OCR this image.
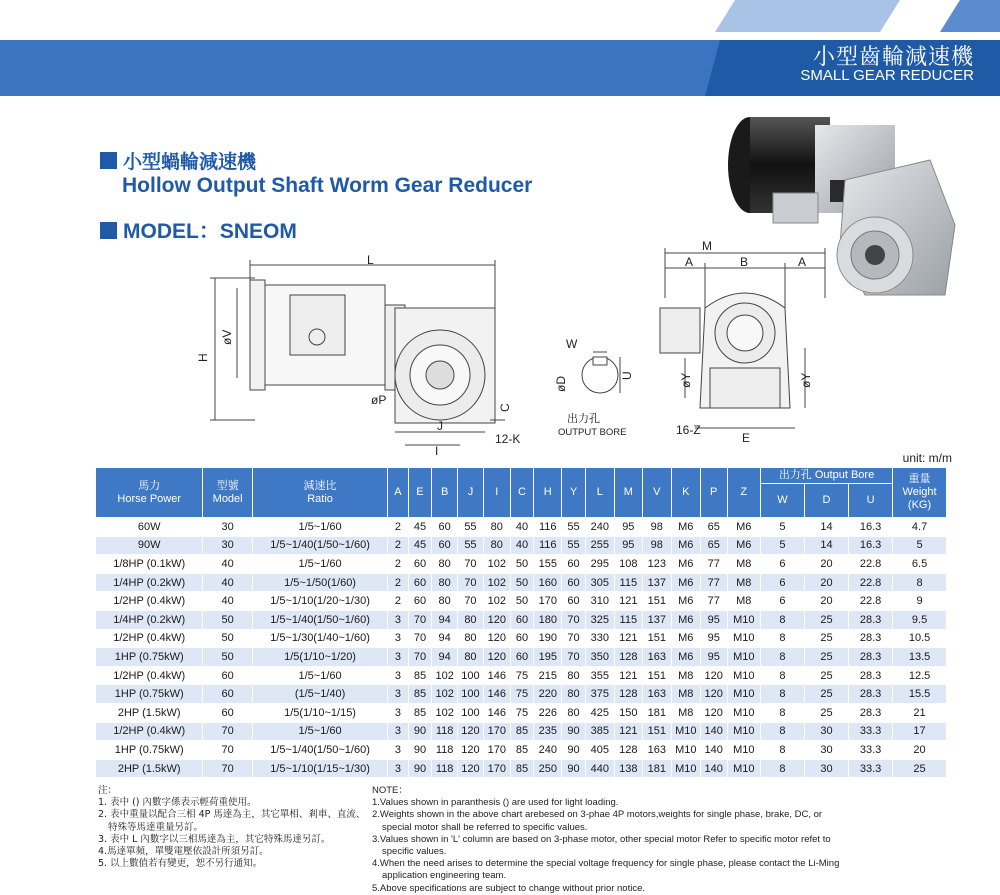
小型齒輪減速機
SMALL GEAR REDUCER
小型蝸輪減速機
Hollow Output Shaft Worm Gear Reducer
MODEL：SNEOM
L
H
øV
øP
C
J
I
12-K
W
øD
U
出力孔
OUTPUT BORE
M
A	B	A
øY	øY
16-Z
E
unit: m/m
馬力
Horse Power	型號
Model	減速比
Ratio	A	E	B	J	I	C	H	Y	L	M	V	K	P	Z	出力孔 Output Bore			重量
Weight
(KG)
																	W	D	U	
60W	30	1/5~1/60	2	45	60	55	80	40	116	55	240	95	98	M6	65	M6	5	14	16.3	4.7
90W	30	1/5~1/40(1/50~1/60)	2	45	60	55	80	40	116	55	255	95	98	M6	65	M6	5	14	16.3	5
1/8HP (0.1kW)	40	1/5~1/60	2	60	80	70	102	50	155	60	295	108	123	M6	77	M8	6	20	22.8	6.5
1/4HP (0.2kW)	40	1/5~1/50(1/60)	2	60	80	70	102	50	160	60	305	115	137	M6	77	M8	6	20	22.8	8
1/2HP (0.4kW)	40	1/5~1/10(1/20~1/30)	2	60	80	70	102	50	170	60	310	121	151	M6	77	M8	6	20	22.8	9
1/4HP (0.2kW)	50	1/5~1/40(1/50~1/60)	3	70	94	80	120	60	180	70	325	115	137	M6	95	M10	8	25	28.3	9.5
1/2HP (0.4kW)	50	1/5~1/30(1/40~1/60)	3	70	94	80	120	60	190	70	330	121	151	M6	95	M10	8	25	28.3	10.5
1HP (0.75kW)	50	1/5(1/10~1/20)	3	70	94	80	120	60	195	70	350	128	163	M6	95	M10	8	25	28.3	13.5
1/2HP (0.4kW)	60	1/5~1/60	3	85	102	100	146	75	215	80	355	121	151	M8	120	M10	8	25	28.3	12.5
1HP (0.75kW)	60	(1/5~1/40)	3	85	102	100	146	75	220	80	375	128	163	M8	120	M10	8	25	28.3	15.5
2HP (1.5kW)	60	1/5(1/10~1/15)	3	85	102	100	146	75	226	80	425	150	181	M8	120	M10	8	25	28.3	21
1/2HP (0.4kW)	70	1/5~1/60	3	90	118	120	170	85	235	90	385	121	151	M10	140	M10	8	30	33.3	17
1HP (0.75kW)	70	1/5~1/40(1/50~1/60)	3	90	118	120	170	85	240	90	405	128	163	M10	140	M10	8	30	33.3	20
2HP (1.5kW)	70	1/5~1/10(1/15~1/30)	3	90	118	120	170	85	250	90	440	138	181	M10	140	M10	8	30	33.3	25
注：
1. 表中 () 內數字係表示輕荷重使用。
2. 表中重量以配合三相 4P 馬達為主，其它單相、剎車、直流、
特殊等馬達重量另訂。
3. 表中 L 內數字以三相馬達為主，其它特殊馬達另訂。
4.馬達單頻，單雙電壓依設計所須另訂。
5. 以上數值若有變更，恕不另行通知。
NOTE：
1.Values shown in paranthesis () are used for light loading.
2.Weights shown in the above chart arebesed on 3-phae 4P motors,weights for single phase, brake, DC, or
special motor shall be referred to specific values.
3.Values shown in 'L' column are based on 3-phase motor, other special motor Refer to specific motor refet to
specific values.
4.When the need arises to determine the special voltage frequency for single phase, please contact the Li-Ming
application engineering team.
5.Above specifications are subject to change without prior notice.
